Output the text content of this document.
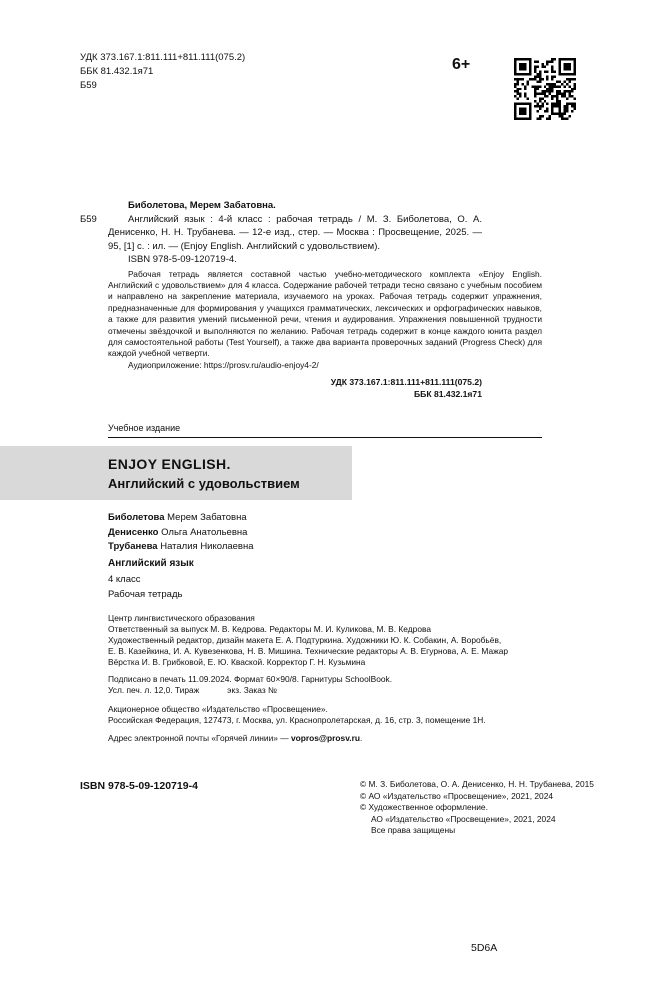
УДК 373.167.1:811.111+811.111(075.2)
ББК 81.432.1я71
Б59
6+

Биболетова, Мерем Забатовна.

Б59	Английский язык : 4-й класс : рабочая тетрадь / М. З. Биболетова, О. А. Денисенко, Н. Н. Трубанева. — 12-е изд., стер. — Москва : Просвещение, 2025. — 95, [1] с. : ил. — (Enjoy English. Английский с удовольствием).

ISBN 978-5-09-120719-4.

Рабочая тетрадь является составной частью учебно-методического комплекта «Enjoy English. Английский с удовольствием» для 4 класса. Содержание рабочей тетради тесно связано с учебным пособием и направлено на закрепление материала, изучаемого на уроках. Рабочая тетрадь содержит упражнения, предназначенные для формирования у учащихся грамматических, лексических и орфографических навыков, а также для развития умений письменной речи, чтения и аудирования. Упражнения повышенной трудности отмечены звёздочкой и выполняются по желанию. Рабочая тетрадь содержит в конце каждого юнита раздел для самостоятельной работы (Test Yourself), а также два варианта проверочных заданий (Progress Check) для каждой учебной четверти.

Аудиоприложение: https://prosv.ru/audio-enjoy4-2/

УДК 373.167.1:811.111+811.111(075.2)
ББК 81.432.1я71
Учебное издание
ENJOY ENGLISH.
Английский с удовольствием
Биболетова Мерем Забатовна
Денисенко Ольга Анатольевна
Трубанева Наталия Николаевна
Английский язык
4 класс
Рабочая тетрадь
Центр лингвистического образования
Ответственный за выпуск М. В. Кедрова. Редакторы М. И. Куликова, М. В. Кедрова
Художественный редактор, дизайн макета Е. А. Подтуркина. Художники Ю. К. Собакин, А. Воробьёв,
Е. В. Казейкина, И. А. Кувезенкова, Н. В. Мишина. Технические редакторы А. В. Егурнова, А. Е. Мажар
Вёрстка И. В. Грибковой, Е. Ю. Кваской. Корректор Г. Н. Кузьмина

Подписано в печать 11.09.2024. Формат 60×90/8. Гарнитуры SchoolBook.

Усл. печ. л. 12,0. Тираж            экз. Заказ №

Акционерное общество «Издательство «Просвещение».

Российская Федерация, 127473, г. Москва, ул. Краснопролетарская, д. 16, стр. 3, помещение 1Н.

Адрес электронной почты «Горячей линии» — vopros@prosv.ru.

ISBN 978-5-09-120719-4	© М. З. Биболетова, О. А. Денисенко, Н. Н. Трубанева, 2015
© АО «Издательство «Просвещение», 2021, 2024
© Художественное оформление.
АО «Издательство «Просвещение», 2021, 2024
Все права защищены
5D6A
